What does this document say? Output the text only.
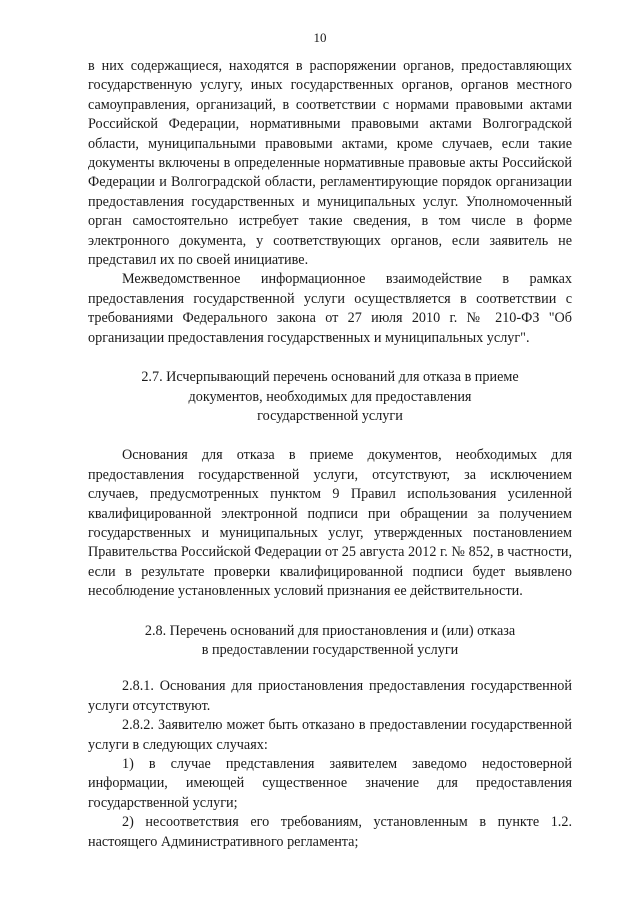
10

в них содержащиеся, находятся в распоряжении органов, предоставляющих государственную услугу, иных государственных органов, органов местного самоуправления, организаций, в соответствии с нормами правовыми актами Российской Федерации, нормативными правовыми актами Волгоградской области, муниципальными правовыми актами, кроме случаев, если такие документы включены в определенные нормативные правовые акты Российской Федерации и Волгоградской области, регламентирующие порядок организации предоставления государственных и муниципальных услуг. Уполномоченный орган самостоятельно истребует такие сведения, в том числе в форме электронного документа, у соответствующих органов, если заявитель не представил их по своей инициативе.

Межведомственное информационное взаимодействие в рамках предоставления государственной услуги осуществляется в соответствии с требованиями Федерального закона от 27 июля 2010 г. № 210-ФЗ "Об организации предоставления государственных и муниципальных услуг".

2.7. Исчерпывающий перечень оснований для отказа в приеме

документов, необходимых для предоставления

государственной услуги

Основания для отказа в приеме документов, необходимых для предоставления государственной услуги, отсутствуют, за исключением случаев, предусмотренных пунктом 9 Правил использования усиленной квалифицированной электронной подписи при обращении за получением государственных и муниципальных услуг, утвержденных постановлением Правительства Российской Федерации от 25 августа 2012 г. № 852, в частности, если в результате проверки квалифицированной подписи будет выявлено несоблюдение установленных условий признания ее действительности.

2.8. Перечень оснований для приостановления и (или) отказа

в предоставлении государственной услуги

2.8.1. Основания для приостановления предоставления государственной услуги отсутствуют.

2.8.2. Заявителю может быть отказано в предоставлении государственной услуги в следующих случаях:

1) в случае представления заявителем заведомо недостоверной информации, имеющей существенное значение для предоставления государственной услуги;

2) несоответствия его требованиям, установленным в пункте 1.2. настоящего Административного регламента;
